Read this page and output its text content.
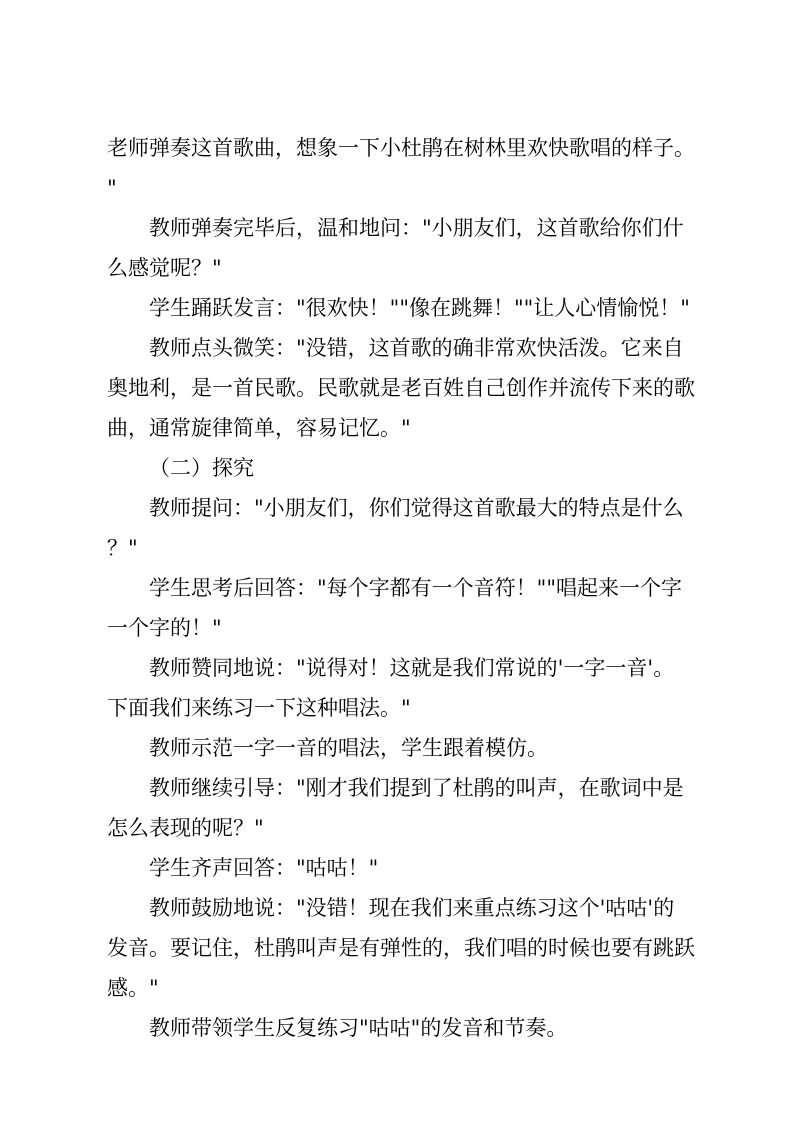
老师弹奏这首歌曲，想象一下小杜鹃在树林里欢快歌唱的样子。"

教师弹奏完毕后，温和地问："小朋友们，这首歌给你们什么感觉呢？"

学生踊跃发言："很欢快！""像在跳舞！""让人心情愉悦！"

教师点头微笑："没错，这首歌的确非常欢快活泼。它来自奥地利，是一首民歌。民歌就是老百姓自己创作并流传下来的歌曲，通常旋律简单，容易记忆。"

（二）探究

教师提问："小朋友们，你们觉得这首歌最大的特点是什么？"

学生思考后回答："每个字都有一个音符！""唱起来一个字一个字的！"

教师赞同地说："说得对！这就是我们常说的'一字一音'。下面我们来练习一下这种唱法。"

教师示范一字一音的唱法，学生跟着模仿。

教师继续引导："刚才我们提到了杜鹃的叫声，在歌词中是怎么表现的呢？"

学生齐声回答："咕咕！"

教师鼓励地说："没错！现在我们来重点练习这个'咕咕'的发音。要记住，杜鹃叫声是有弹性的，我们唱的时候也要有跳跃感。"

教师带领学生反复练习"咕咕"的发音和节奏。
